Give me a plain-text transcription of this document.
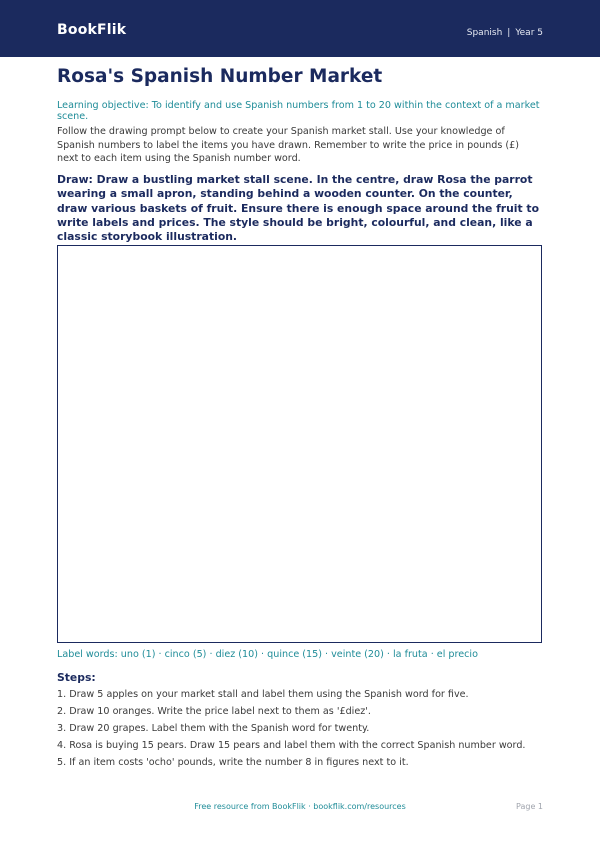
BookFlik	Spanish | Year 5
Rosa's Spanish Number Market
Learning objective: To identify and use Spanish numbers from 1 to 20 within the context of a market scene.
Follow the drawing prompt below to create your Spanish market stall. Use your knowledge of Spanish numbers to label the items you have drawn. Remember to write the price in pounds (£) next to each item using the Spanish number word.
Draw: Draw a bustling market stall scene. In the centre, draw Rosa the parrot wearing a small apron, standing behind a wooden counter. On the counter, draw various baskets of fruit. Ensure there is enough space around the fruit to write labels and prices. The style should be bright, colourful, and clean, like a classic storybook illustration.
Label words: uno (1) · cinco (5) · diez (10) · quince (15) · veinte (20) · la fruta · el precio
Steps:
1. Draw 5 apples on your market stall and label them using the Spanish word for five.
2. Draw 10 oranges. Write the price label next to them as '£diez'.
3. Draw 20 grapes. Label them with the Spanish word for twenty.
4. Rosa is buying 15 pears. Draw 15 pears and label them with the correct Spanish number word.
5. If an item costs 'ocho' pounds, write the number 8 in figures next to it.
Free resource from BookFlik · bookflik.com/resources	Page 1
